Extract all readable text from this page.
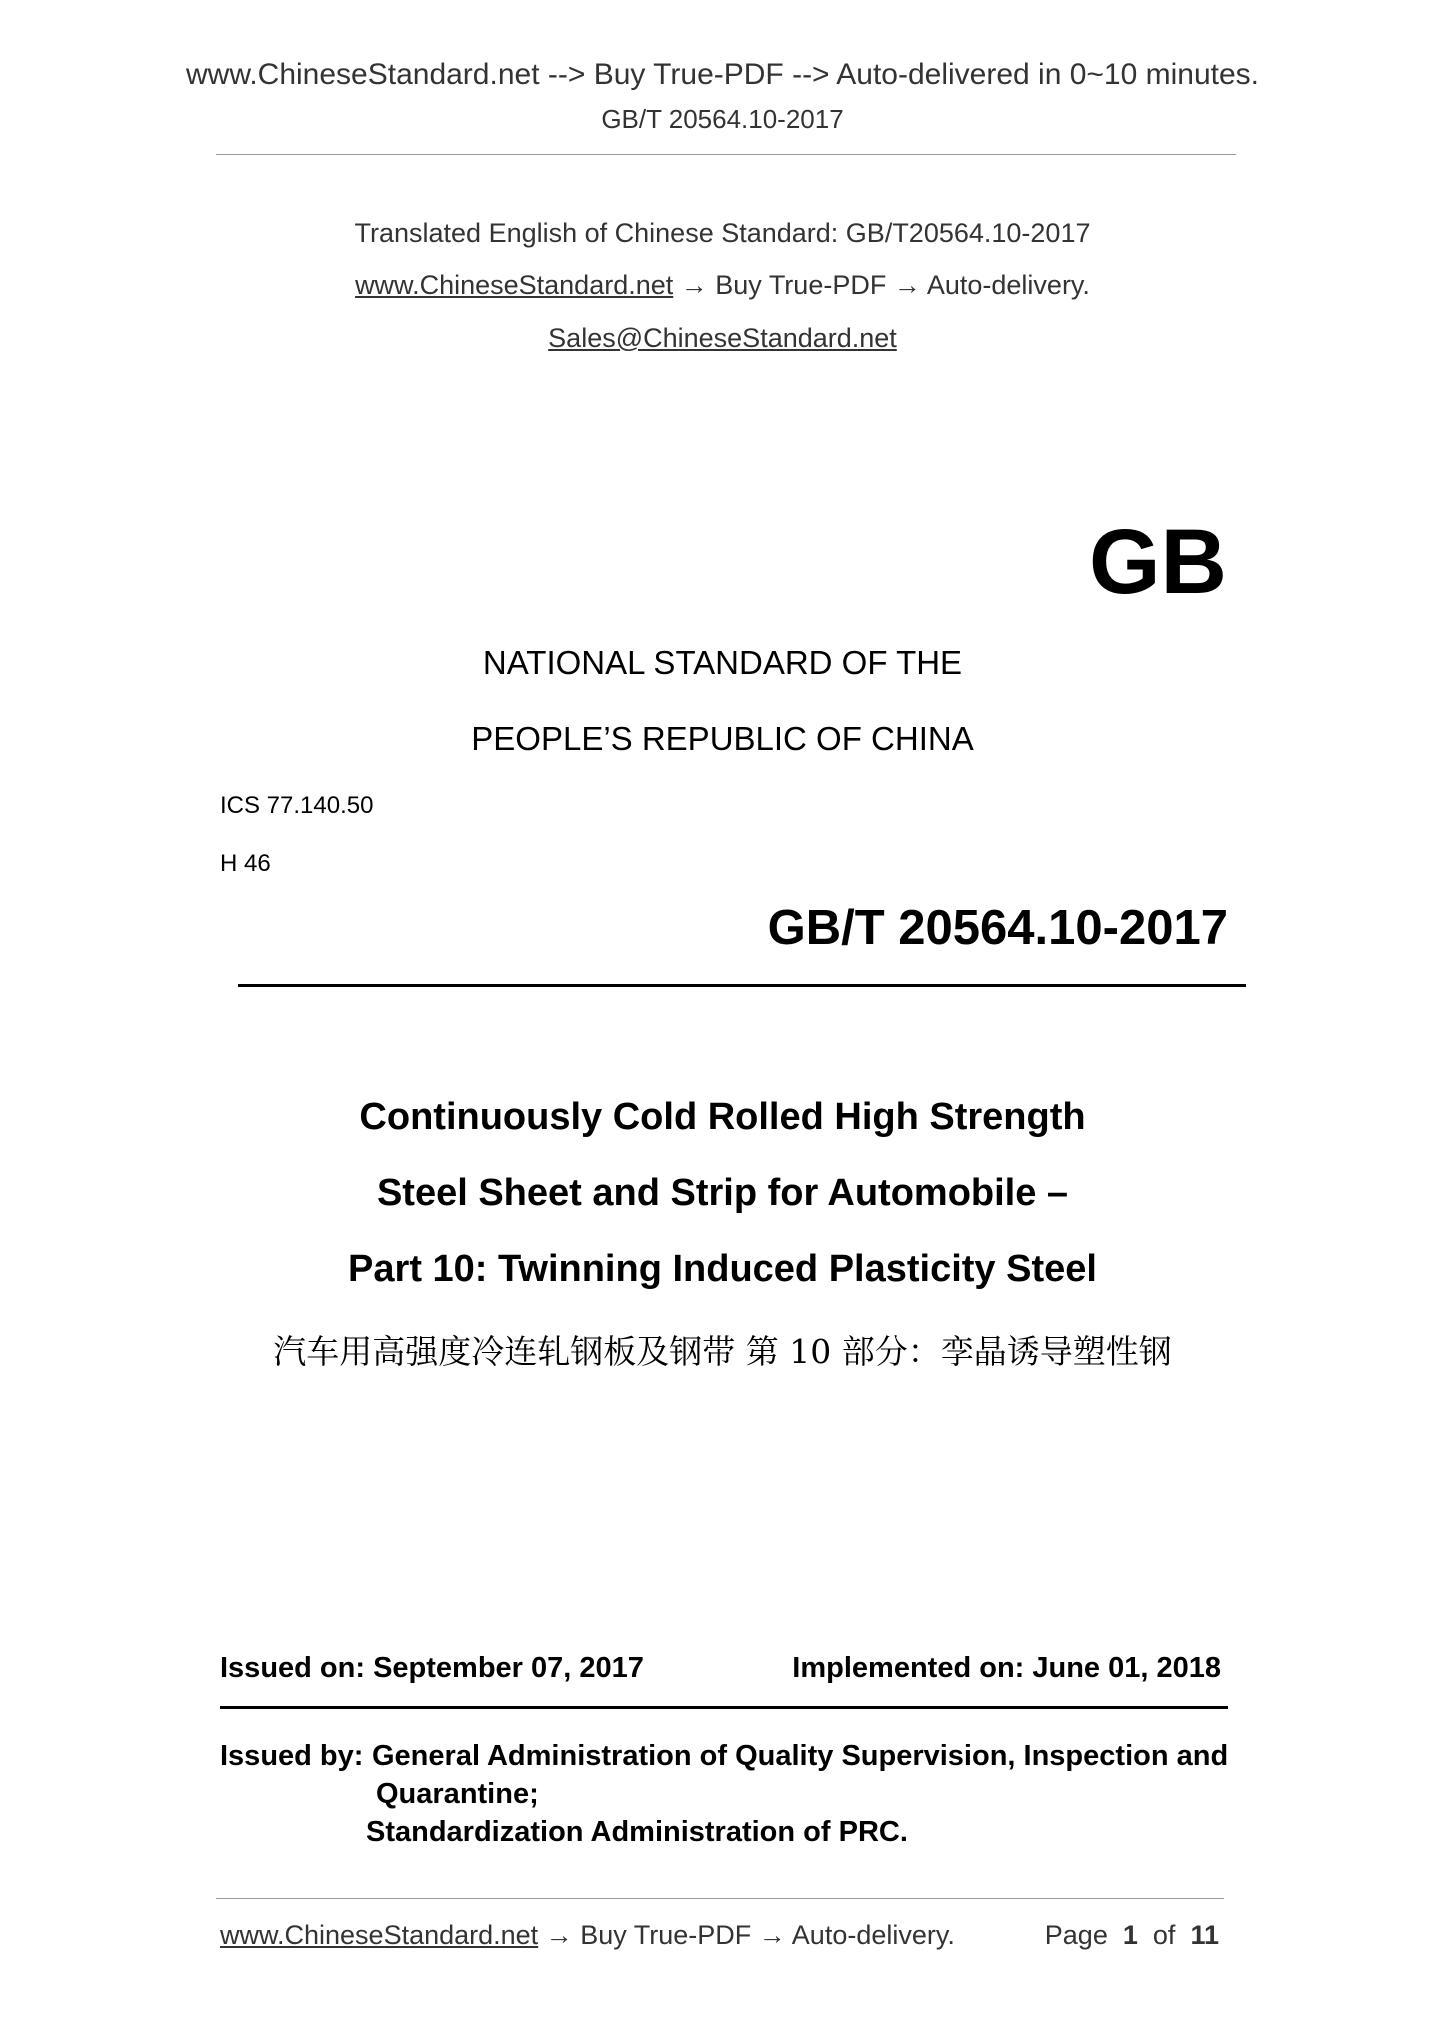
www.ChineseStandard.net --> Buy True-PDF --> Auto-delivered in 0~10 minutes.
GB/T 20564.10-2017
Translated English of Chinese Standard: GB/T20564.10-2017
www.ChineseStandard.net → Buy True-PDF → Auto-delivery.
Sales@ChineseStandard.net
GB
NATIONAL STANDARD OF THE
PEOPLE’S REPUBLIC OF CHINA
ICS 77.140.50
H 46
GB/T 20564.10-2017
Continuously Cold Rolled High Strength
Steel Sheet and Strip for Automobile –
Part 10: Twinning Induced Plasticity Steel
汽车用高强度冷连轧钢板及钢带 第 10 部分：孪晶诱导塑性钢
Issued on: September 07, 2017	Implemented on: June 01, 2018
Issued by: General Administration of Quality Supervision, Inspection and
Quarantine;
Standardization Administration of PRC.
www.ChineseStandard.net → Buy True-PDF → Auto-delivery.	Page 1 of 11
